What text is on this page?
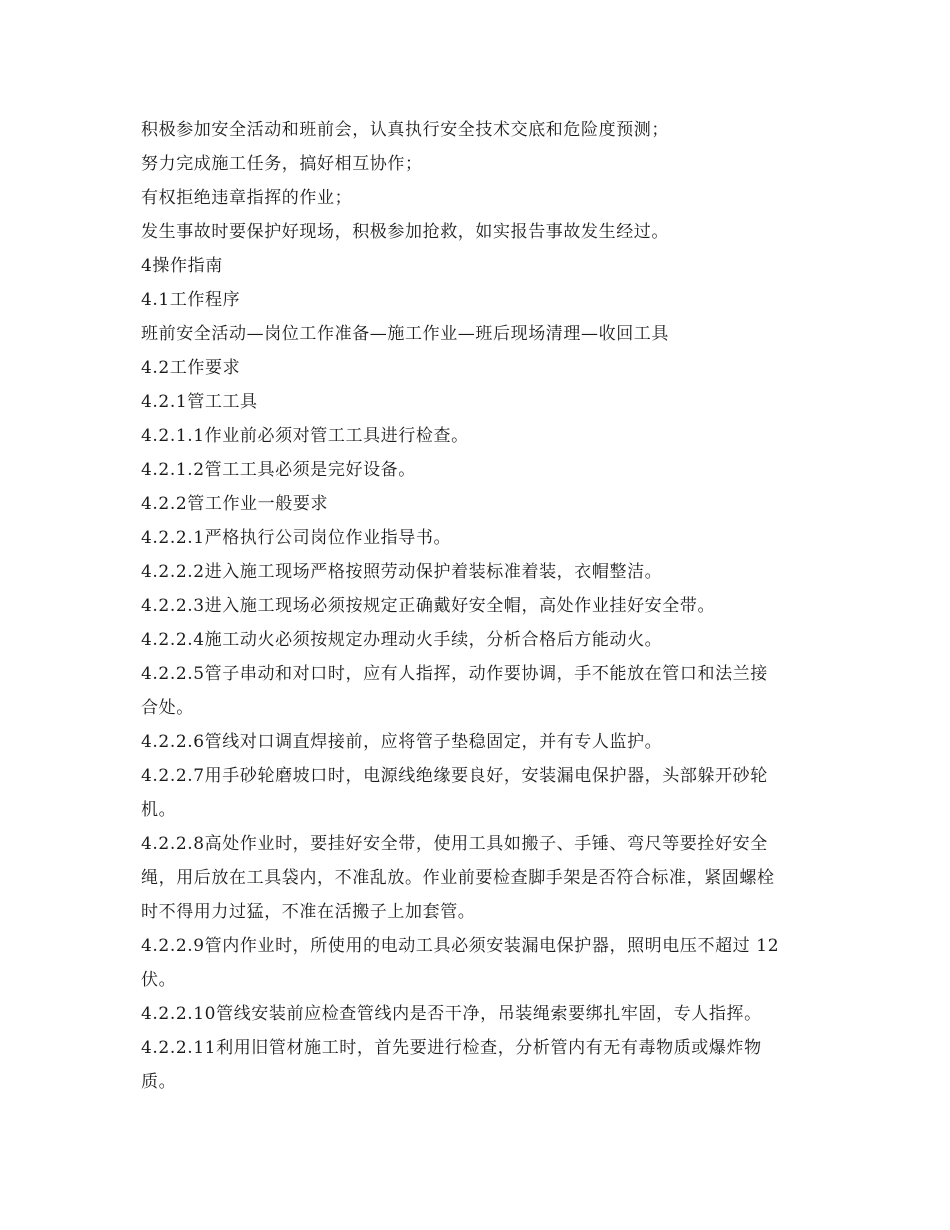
积极参加安全活动和班前会，认真执行安全技术交底和危险度预测；
努力完成施工任务，搞好相互协作；
有权拒绝违章指挥的作业；
发生事故时要保护好现场，积极参加抢救，如实报告事故发生经过。
4操作指南
4.1工作程序
班前安全活动—岗位工作准备—施工作业—班后现场清理—收回工具
4.2工作要求
4.2.1管工工具
4.2.1.1作业前必须对管工工具进行检查。
4.2.1.2管工工具必须是完好设备。
4.2.2管工作业一般要求
4.2.2.1严格执行公司岗位作业指导书。
4.2.2.2进入施工现场严格按照劳动保护着装标准着装，衣帽整洁。
4.2.2.3进入施工现场必须按规定正确戴好安全帽，高处作业挂好安全带。
4.2.2.4施工动火必须按规定办理动火手续，分析合格后方能动火。
4.2.2.5管子串动和对口时，应有人指挥，动作要协调，手不能放在管口和法兰接
合处。
4.2.2.6管线对口调直焊接前，应将管子垫稳固定，并有专人监护。
4.2.2.7用手砂轮磨坡口时，电源线绝缘要良好，安装漏电保护器，头部躲开砂轮
机。
4.2.2.8高处作业时，要挂好安全带，使用工具如搬子、手锤、弯尺等要拴好安全
绳，用后放在工具袋内，不准乱放。作业前要检查脚手架是否符合标准，紧固螺栓
时不得用力过猛，不准在活搬子上加套管。
4.2.2.9管内作业时，所使用的电动工具必须安装漏电保护器，照明电压不超过 12
伏。
4.2.2.10管线安装前应检查管线内是否干净，吊装绳索要绑扎牢固，专人指挥。
4.2.2.11利用旧管材施工时，首先要进行检查，分析管内有无有毒物质或爆炸物
质。
